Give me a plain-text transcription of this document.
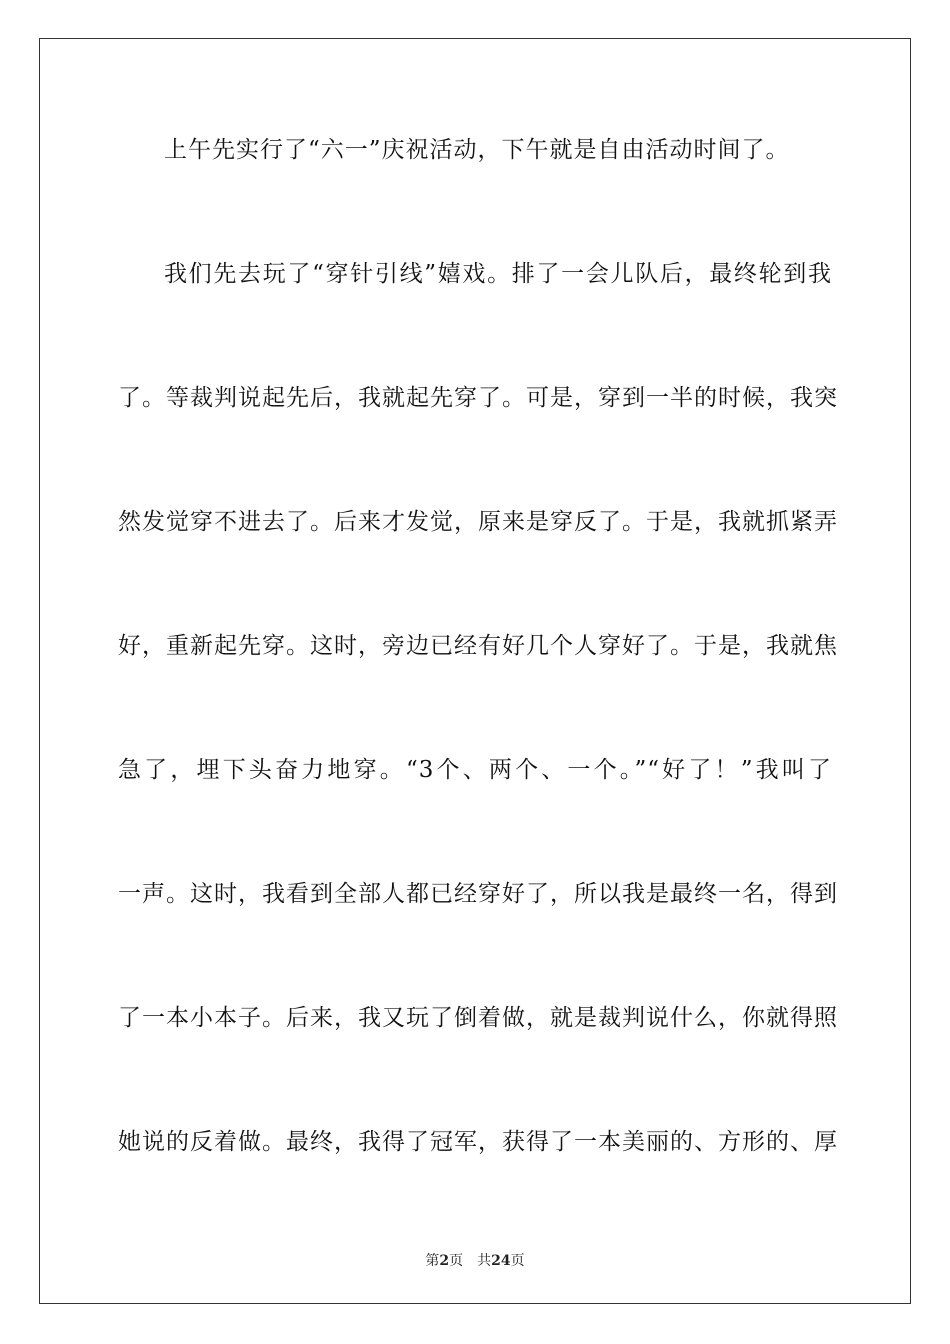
上午先实行了“六一”庆祝活动，下午就是自由活动时间了。
我们先去玩了“穿针引线”嬉戏。排了一会儿队后，最终轮到我
了。等裁判说起先后，我就起先穿了。可是，穿到一半的时候，我突
然发觉穿不进去了。后来才发觉，原来是穿反了。于是，我就抓紧弄
好，重新起先穿。这时，旁边已经有好几个人穿好了。于是，我就焦
急了，埋下头奋力地穿。“3个、两个、一个。”“好了！”我叫了
一声。这时，我看到全部人都已经穿好了，所以我是最终一名，得到
了一本小本子。后来，我又玩了倒着做，就是裁判说什么，你就得照
她说的反着做。最终，我得了冠军，获得了一本美丽的、方形的、厚
第2页 共24页
